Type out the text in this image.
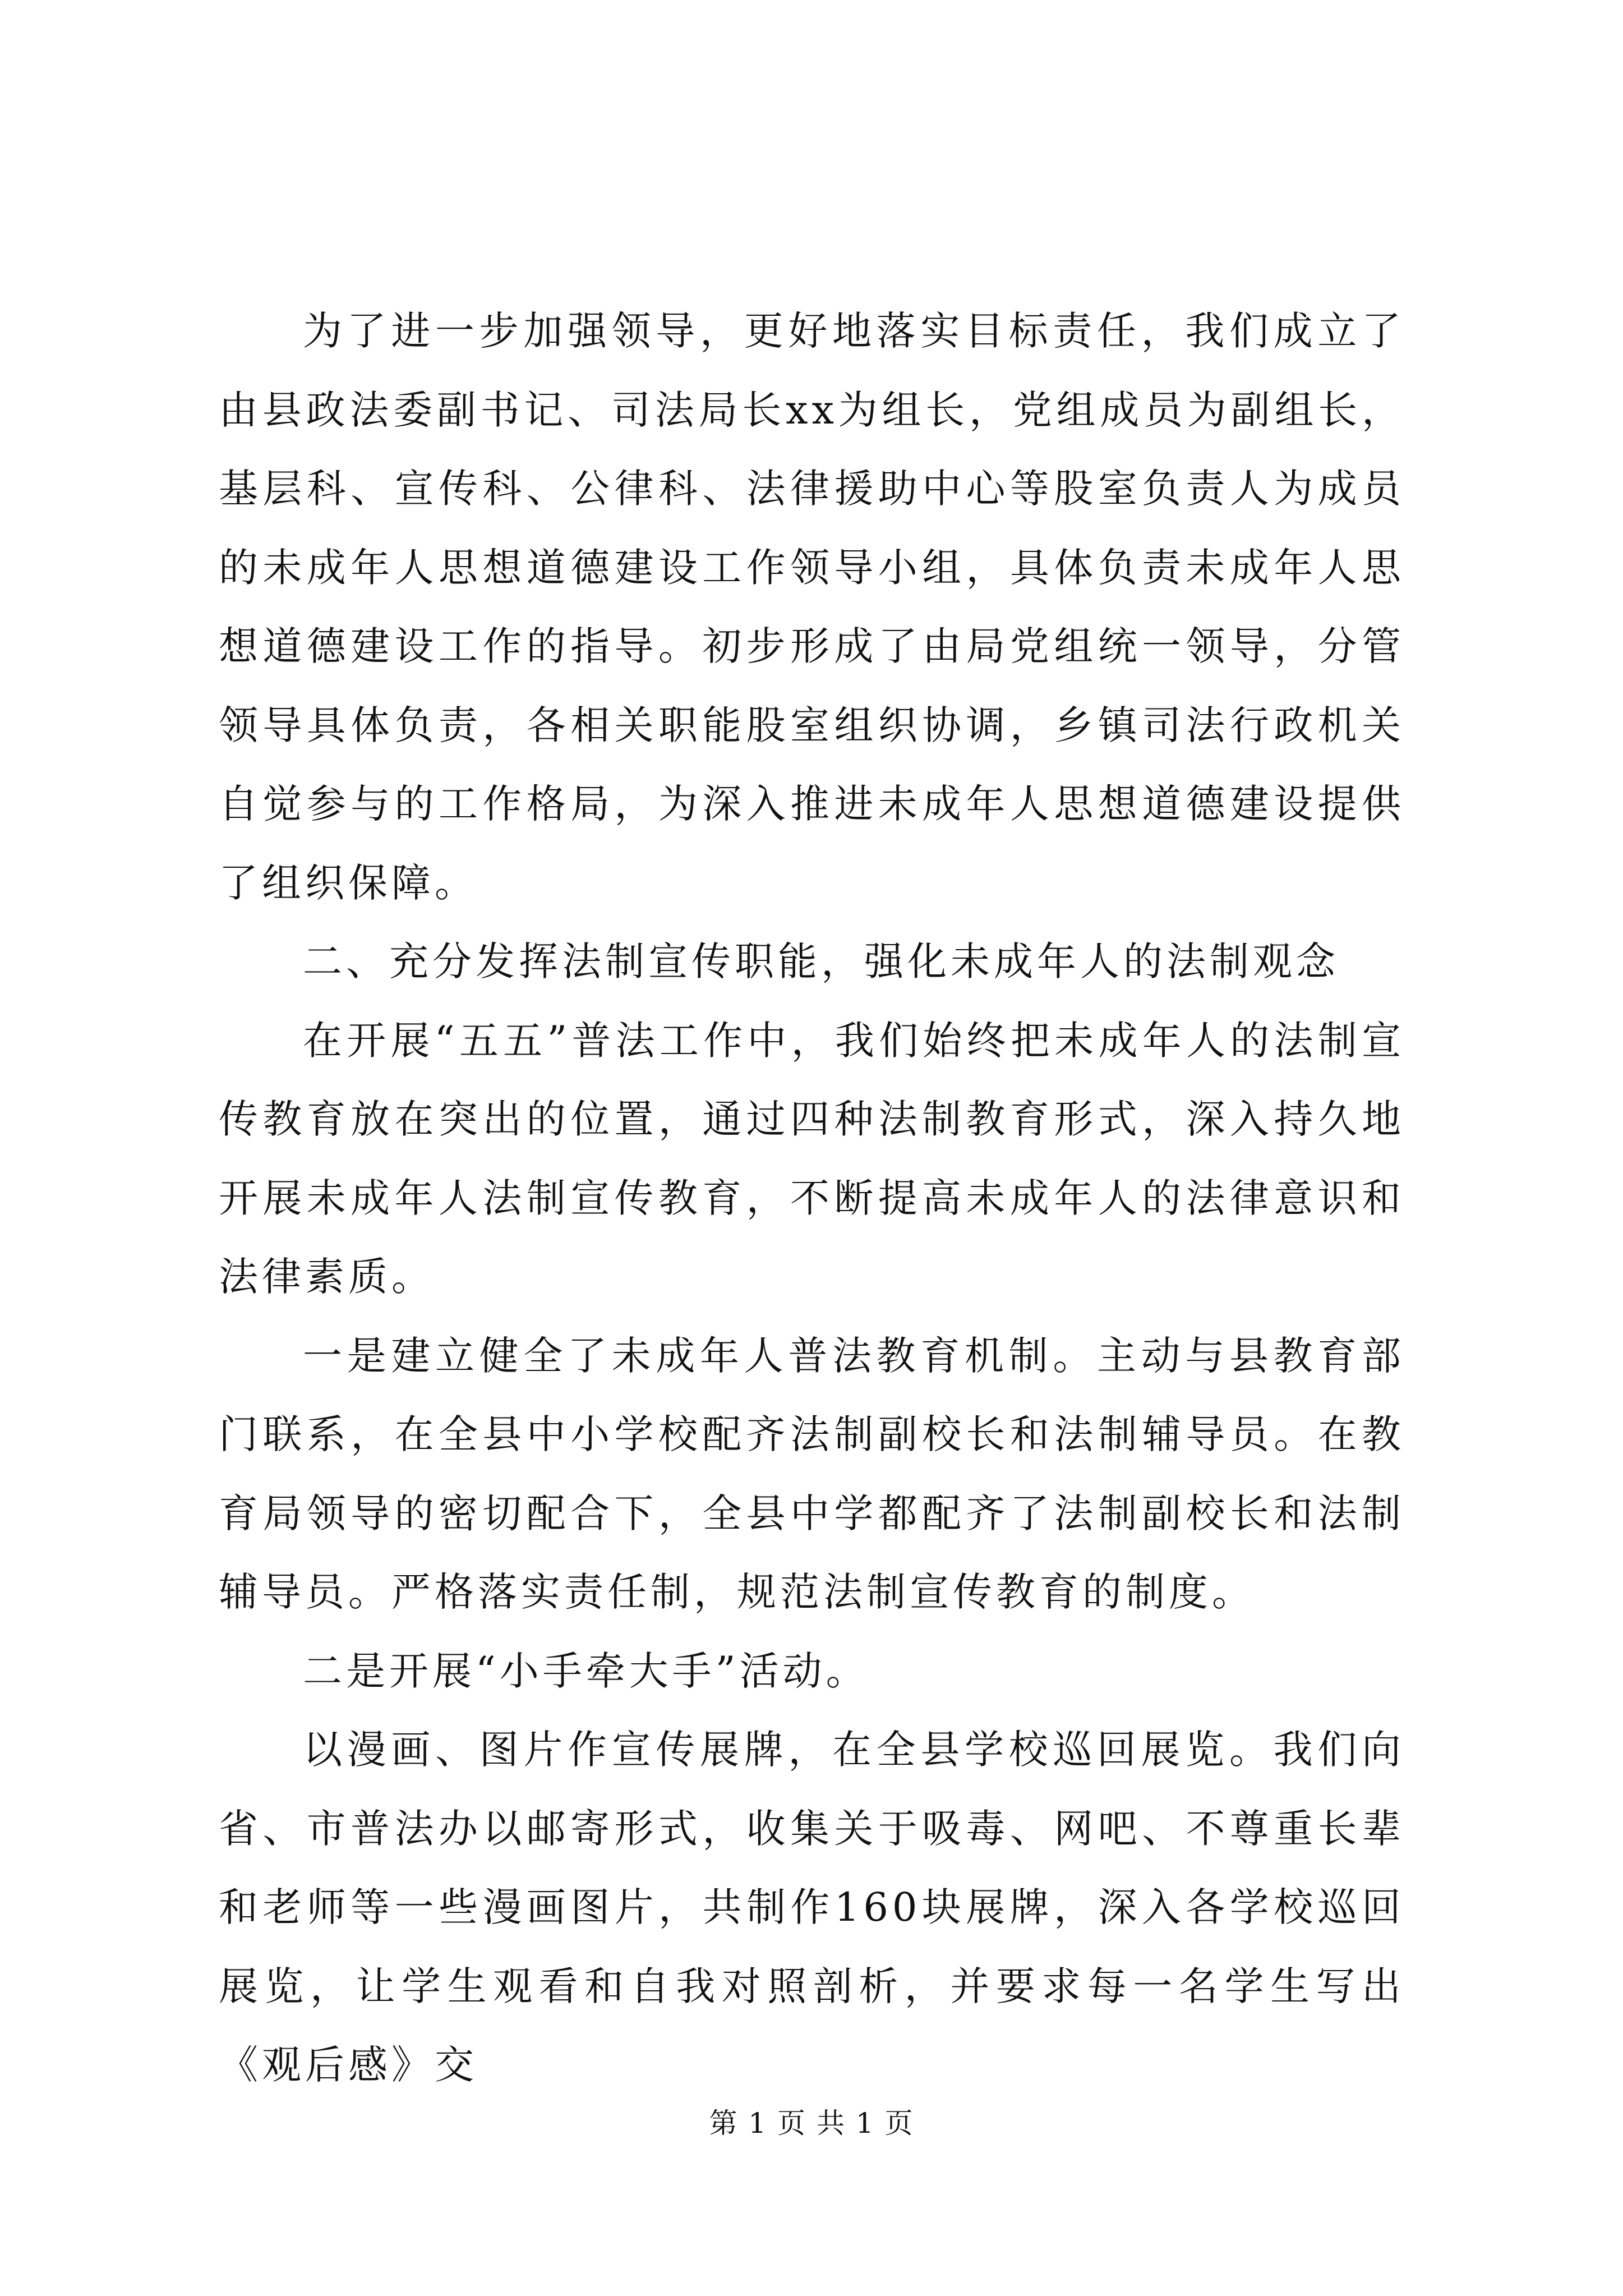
为了进一步加强领导，更好地落实目标责任，我们成立了由县政法委副书记、司法局长xx为组长，党组成员为副组长，基层科、宣传科、公律科、法律援助中心等股室负责人为成员的未成年人思想道德建设工作领导小组，具体负责未成年人思想道德建设工作的指导。初步形成了由局党组统一领导，分管领导具体负责，各相关职能股室组织协调，乡镇司法行政机关自觉参与的工作格局，为深入推进未成年人思想道德建设提供了组织保障。

二、充分发挥法制宣传职能，强化未成年人的法制观念

在开展“五五”普法工作中，我们始终把未成年人的法制宣传教育放在突出的位置，通过四种法制教育形式，深入持久地开展未成年人法制宣传教育，不断提高未成年人的法律意识和法律素质。

一是建立健全了未成年人普法教育机制。主动与县教育部门联系，在全县中小学校配齐法制副校长和法制辅导员。在教育局领导的密切配合下，全县中学都配齐了法制副校长和法制辅导员。严格落实责任制，规范法制宣传教育的制度。

二是开展“小手牵大手”活动。

以漫画、图片作宣传展牌，在全县学校巡回展览。我们向省、市普法办以邮寄形式，收集关于吸毒、网吧、不尊重长辈和老师等一些漫画图片，共制作160块展牌，深入各学校巡回展览，让学生观看和自我对照剖析，并要求每一名学生写出《观后感》交

第 1 页 共 1 页
